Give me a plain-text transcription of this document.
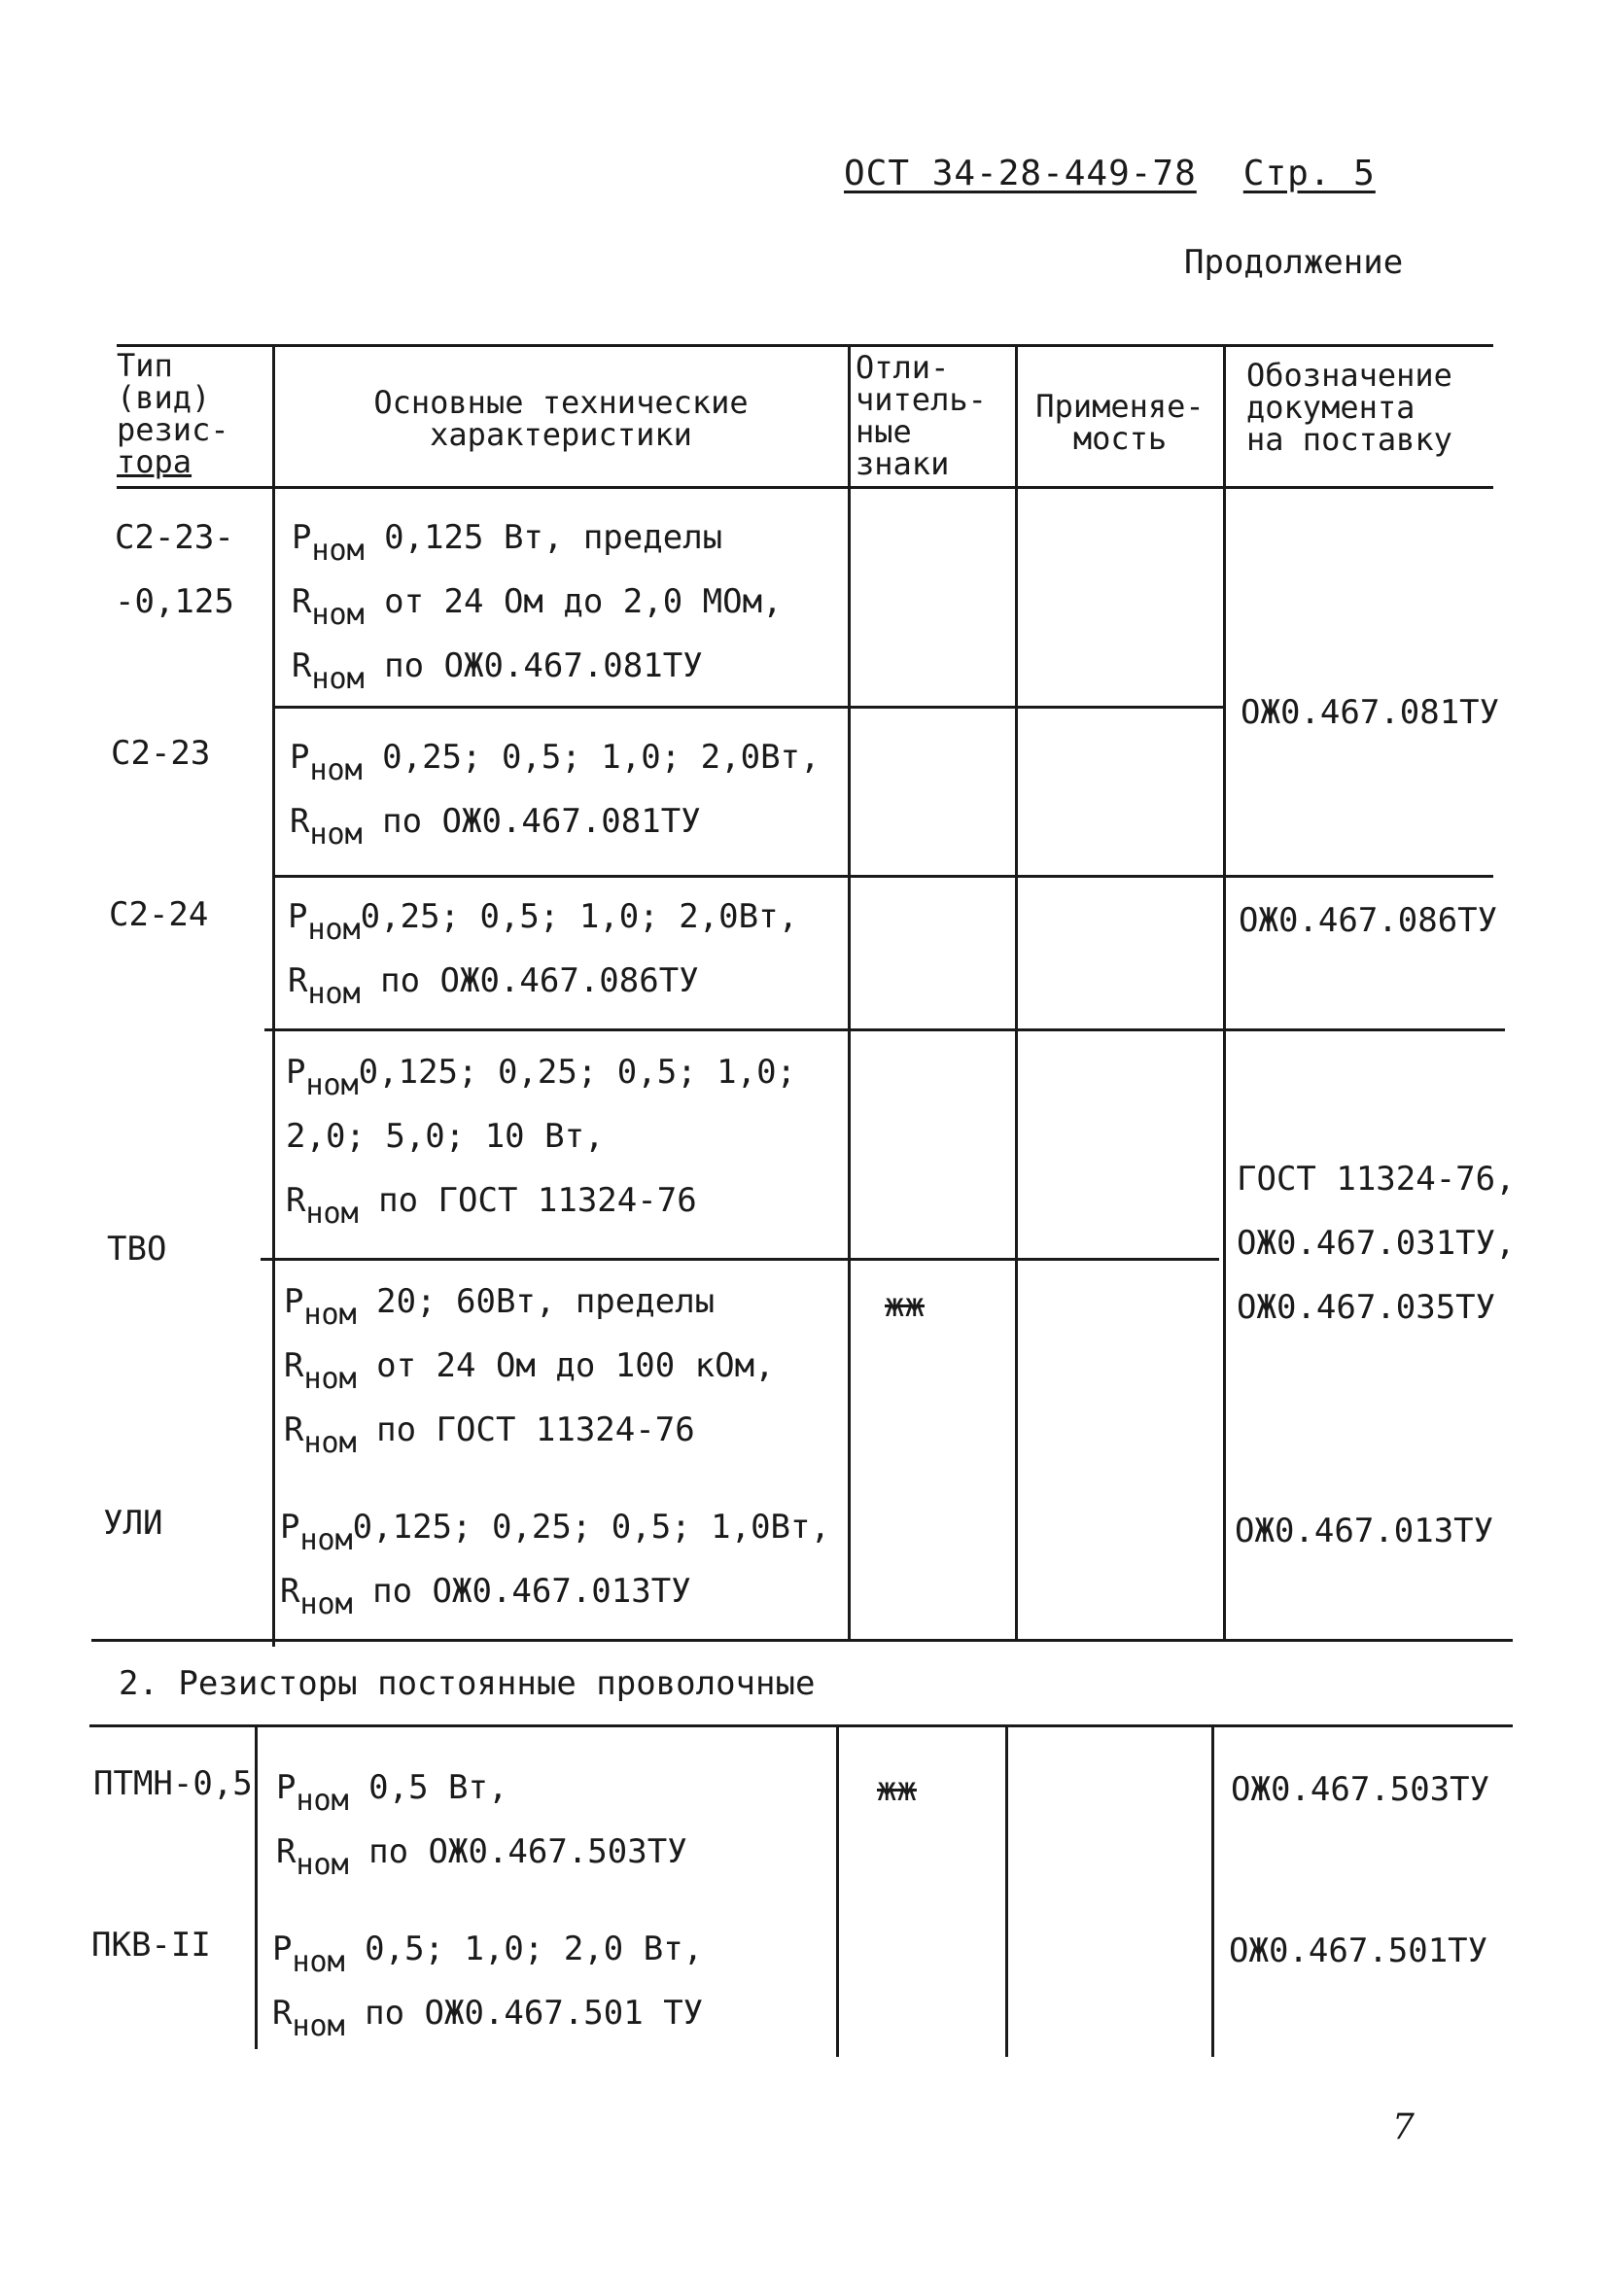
ОСТ 34-28-449-78 Стр. 5
Продолжение
Тип
(вид)
резис-
тора
Основные технические
характеристики
Отли-
читель-
ные
знаки
Применяе-
мость
Обозначение
документа
на поставку
С2-23-
-0,125
Pном 0,125 Вт, пределы
Rном от 24 Ом до 2,0 МОм,
Rном по ОЖ0.467.081ТУ
С2-23 Pном 0,25; 0,5; 1,0; 2,0Вт,
Rном по ОЖ0.467.081ТУ
ОЖ0.467.081ТУ
С2-24 Pном0,25; 0,5; 1,0; 2,0Вт,
Rном по ОЖ0.467.086ТУ
ОЖ0.467.086ТУ
ТВО
Pном0,125; 0,25; 0,5; 1,0;
2,0; 5,0; 10 Вт,
Rном по ГОСТ 11324-76
Pном 20; 60Вт, пределы
Rном от 24 Ом до 100 кОм,
Rном по ГОСТ 11324-76
жж
ГОСТ 11324-76,
ОЖ0.467.031ТУ,
ОЖ0.467.035ТУ
УЛИ	Pном0,125; 0,25; 0,5; 1,0Вт,
Rном по ОЖ0.467.013ТУ
ОЖ0.467.013ТУ
2. Резисторы постоянные проволочные
ПТМН-0,5 Pном 0,5 Вт,
Rном по ОЖ0.467.503ТУ
жж	ОЖ0.467.503ТУ
ПКВ-II Pном 0,5; 1,0; 2,0 Вт,
Rном по ОЖ0.467.501 ТУ
ОЖ0.467.501ТУ
7
